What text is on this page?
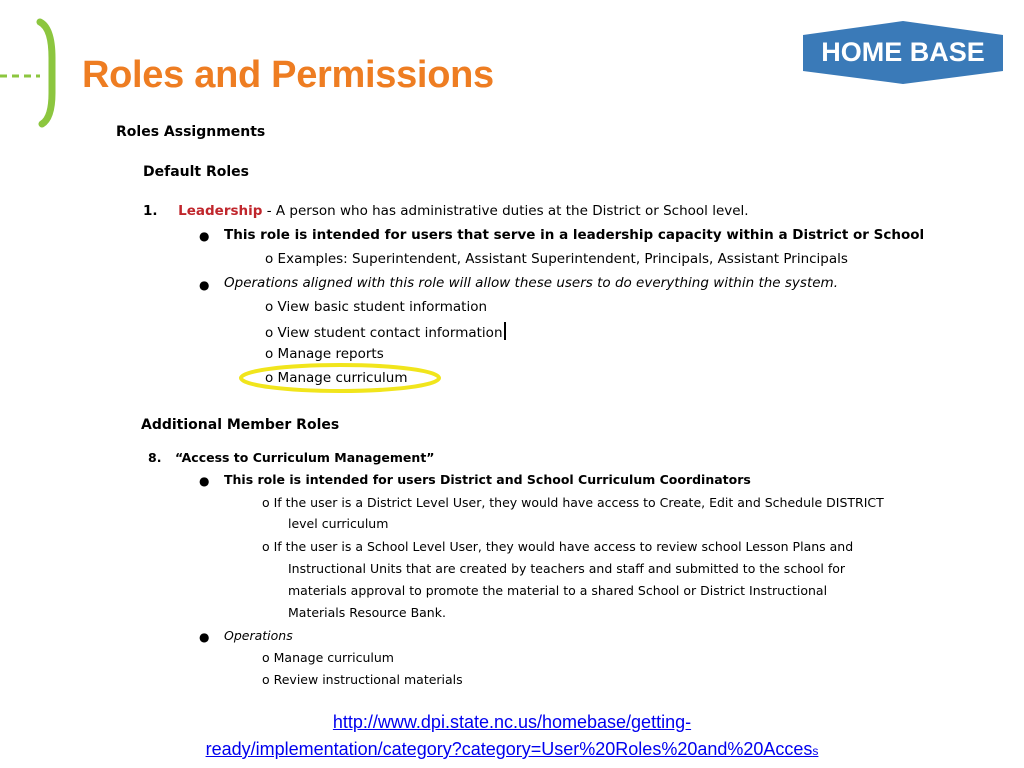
Roles and Permissions
HOME BASE
Roles Assignments
Default Roles
1. Leadership - A person who has administrative duties at the District or School level.
● This role is intended for users that serve in a leadership capacity within a District or School
o Examples: Superintendent, Assistant Superintendent, Principals, Assistant Principals
● Operations aligned with this role will allow these users to do everything within the system.
o View basic student information
o View student contact information
o Manage reports
o Manage curriculum
Additional Member Roles
8. “Access to Curriculum Management”
● This role is intended for users District and School Curriculum Coordinators
o If the user is a District Level User, they would have access to Create, Edit and Schedule DISTRICT
level curriculum
o If the user is a School Level User, they would have access to review school Lesson Plans and
Instructional Units that are created by teachers and staff and submitted to the school for
materials approval to promote the material to a shared School or District Instructional
Materials Resource Bank.
● Operations
o Manage curriculum
o Review instructional materials
http://www.dpi.state.nc.us/homebase/getting-
ready/implementation/category?category=User%20Roles%20and%20Access
